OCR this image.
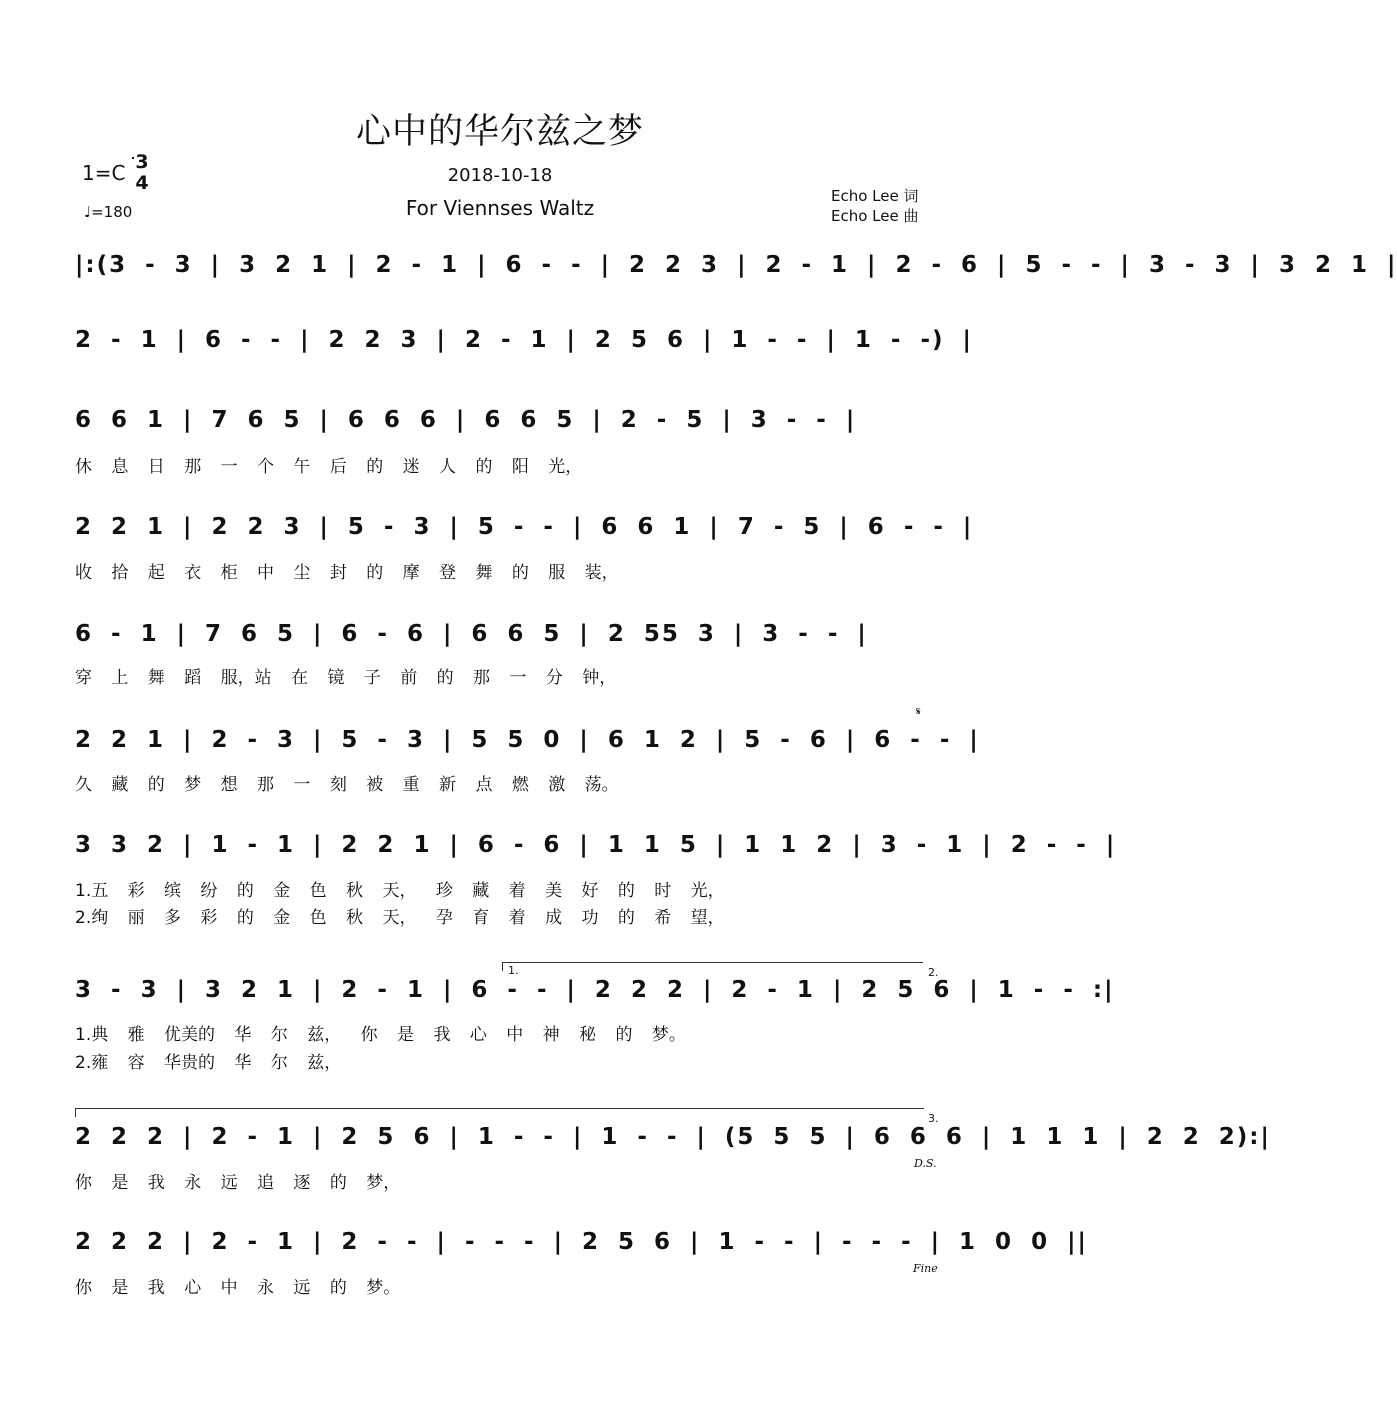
心中的华尔兹之梦
1=C 3
4
♩=180
2018-10-18
For Viennses Waltz	Echo Lee 词
Echo Lee 曲
|:(3 - 3 | 3 2 1 | 2 - 1 | 6 - - | 2 2 3 | 2 - 1 | 2 - 6 | 5 - - | 3 - 3 | 3 2 1 |
2 - 1 | 6 - - | 2 2 3 | 2 - 1 | 2 5 6 | 1 - - | 1 - -) |
6 6 1 | 7 6 5 | 6 6 6 | 6 6 5 | 2 - 5 | 3 - - |
休 息 日 那 一 个 午 后 的 迷 人 的 阳 光，
2 2 1 | 2 2 3 | 5 - 3 | 5 - - | 6 6 1 | 7 - 5 | 6 - - |
收 拾 起 衣 柜 中 尘 封 的 摩 登 舞 的 服 装，
6 - 1 | 7 6 5 | 6 - 6 | 6 6 5 | 2 55 3 | 3 - - |
穿 上 舞 蹈 服，站 在 镜 子 前 的 那 一 分 钟，
2 2 1 | 2 - 3 | 5 - 3 | 5 5 0 | 6 1 2 | 5 - 6 | 6 - - |
久 藏 的 梦 想 那 一 刻 被 重 新 点 燃 激 荡。
3 3 2 | 1 - 1 | 2 2 1 | 6 - 6 | 1 1 5 | 1 1 2 | 3 - 1 | 2 - - |
1.五 彩 缤 纷 的 金 色 秋 天， 珍 藏 着 美 好 的 时 光，
2.绚 丽 多 彩 的 金 色 秋 天， 孕 育 着 成 功 的 希 望，
3 - 3 | 3 2 1 | 2 - 1 | 6 - - | 2 2 2 | 2 - 1 | 2 5 6 | 1 - - :|
1.典 雅 优美的 华 尔 兹， 你 是 我 心 中 神 秘 的 梦。
2.雍 容 华贵的 华 尔 兹，
2 2 2 | 2 - 1 | 2 5 6 | 1 - - | 1 - - | (5 5 5 | 6 6 6 | 1 1 1 | 2 2 2):|
你 是 我 永 远 追 逐 的 梦，
2 2 2 | 2 - 1 | 2 - - | - - - | 2 5 6 | 1 - - | - - - | 1 0 0 ||
你 是 我 心 中 永 远 的 梦。
1.	2.
3.
D.S.
Fine
𝄋
